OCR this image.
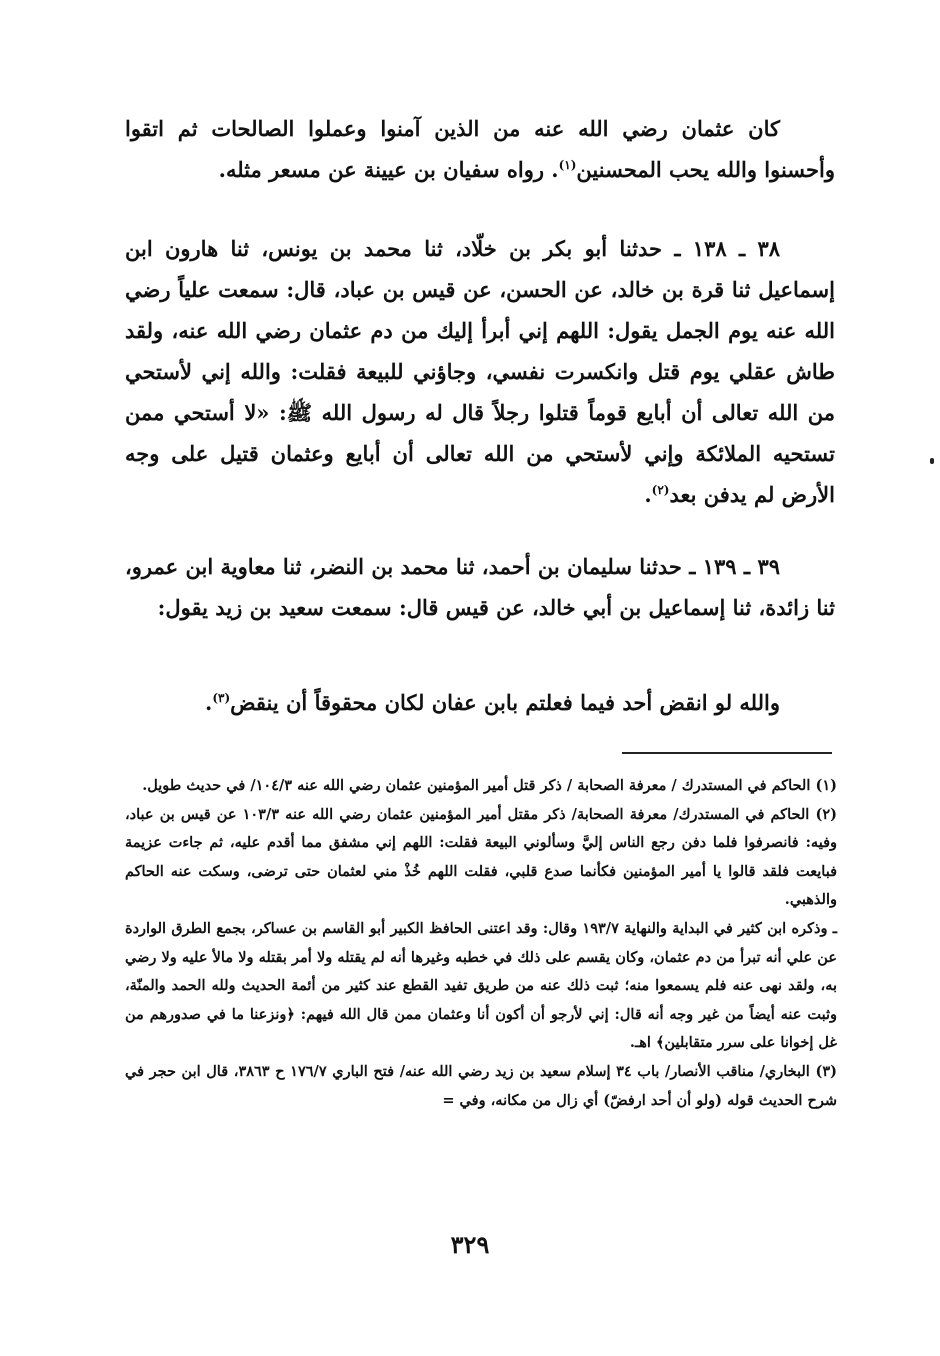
كان عثمان رضي الله عنه من الذين آمنوا وعملوا الصالحات ثم اتقوا وأحسنوا والله يحب المحسنين$^{(١)}$. رواه سفيان بن عيينة عن مسعر مثله.

٣٨ ـ ١٣٨ ـ حدثنا أبو بكر بن خلّاد، ثنا محمد بن يونس، ثنا هارون ابن إسماعيل ثنا قرة بن خالد، عن الحسن، عن قيس بن عباد، قال: سمعت علياً رضي الله عنه يوم الجمل يقول: اللهم إني أبرأ إليك من دم عثمان رضي الله عنه، ولقد طاش عقلي يوم قتل وانكسرت نفسي، وجاؤني للبيعة فقلت: والله إني لأستحي من الله تعالى أن أبايع قوماً قتلوا رجلاً قال له رسول الله ﷺ: «لا أستحي ممن تستحيه الملائكة وإني لأستحي من الله تعالى أن أبايع وعثمان قتيل على وجه الأرض لم يدفن بعد$^{(٢)}$.

٣٩ ـ ١٣٩ ـ حدثنا سليمان بن أحمد، ثنا محمد بن النضر، ثنا معاوية ابن عمرو، ثنا زائدة، ثنا إسماعيل بن أبي خالد، عن قيس قال: سمعت سعيد بن زيد يقول:

والله لو انقض أحد فيما فعلتم بابن عفان لكان محقوقاً أن ينقض$^{(٣)}$.

(١) الحاكم في المستدرك / معرفة الصحابة / ذكر قتل أمير المؤمنين عثمان رضي الله عنه ١٠٤/٣/ في حديث طويل.

(٢) الحاكم في المستدرك/ معرفة الصحابة/ ذكر مقتل أمير المؤمنين عثمان رضي الله عنه ١٠٣/٣ عن قيس بن عباد، وفيه: فانصرفوا فلما دفن رجع الناس إليَّ وسألوني البيعة فقلت: اللهم إني مشفق مما أقدم عليه، ثم جاءت عزيمة فبايعت فلقد قالوا يا أمير المؤمنين فكأنما صدع قلبي، فقلت اللهم خُذْ مني لعثمان حتى ترضى، وسكت عنه الحاكم والذهبي.

ـ وذكره ابن كثير في البداية والنهاية ١٩٣/٧ وقال: وقد اعتنى الحافظ الكبير أبو القاسم بن عساكر، بجمع الطرق الواردة عن علي أنه تبرأ من دم عثمان، وكان يقسم على ذلك في خطبه وغيرها أنه لم يقتله ولا أمر بقتله ولا مالأ عليه ولا رضي به، ولقد نهى عنه فلم يسمعوا منه؛ ثبت ذلك عنه من طريق تفيد القطع عند كثير من أئمة الحديث ولله الحمد والمنّة، وثبت عنه أيضاً من غير وجه أنه قال: إني لأرجو أن أكون أنا وعثمان ممن قال الله فيهم: ﴿ونزعنا ما في صدورهم من غل إخوانا على سرر متقابلين﴾ اهـ.

(٣) البخاري/ مناقب الأنصار/ باب ٣٤ إسلام سعيد بن زيد رضي الله عنه/ فتح الباري ١٧٦/٧ ح ٣٨٦٣، قال ابن حجر في شرح الحديث قوله (ولو أن أحد ارفضّ) أي زال من مكانه، وفي =

٣٢٩
